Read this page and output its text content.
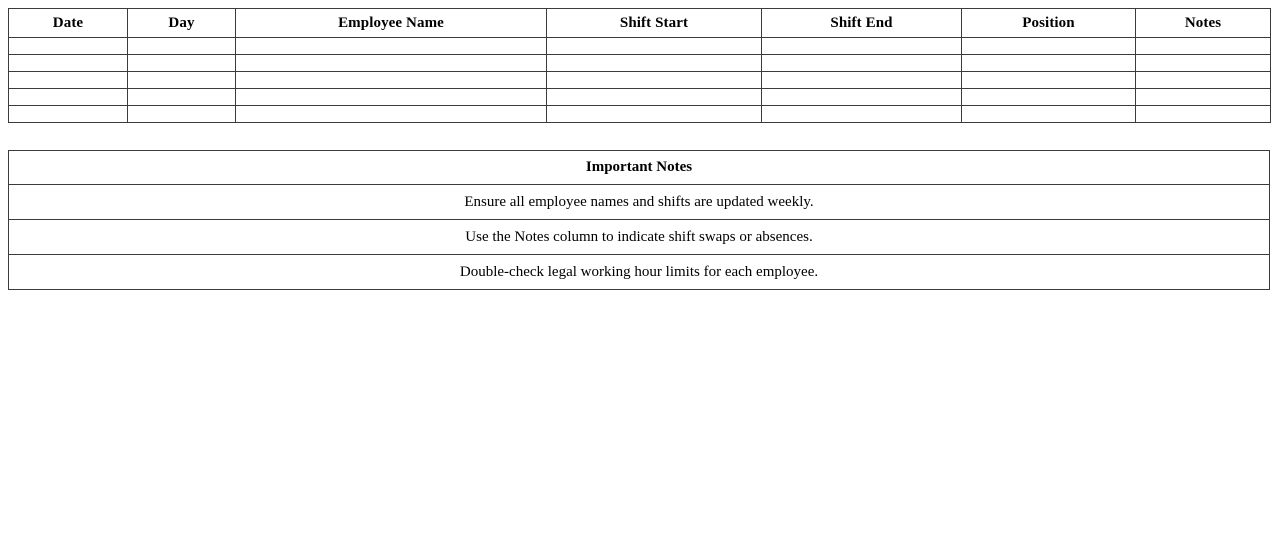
Date	Day	Employee Name	Shift Start	Shift End	Position	Notes

Important Notes
Ensure all employee names and shifts are updated weekly.
Use the Notes column to indicate shift swaps or absences.
Double-check legal working hour limits for each employee.
